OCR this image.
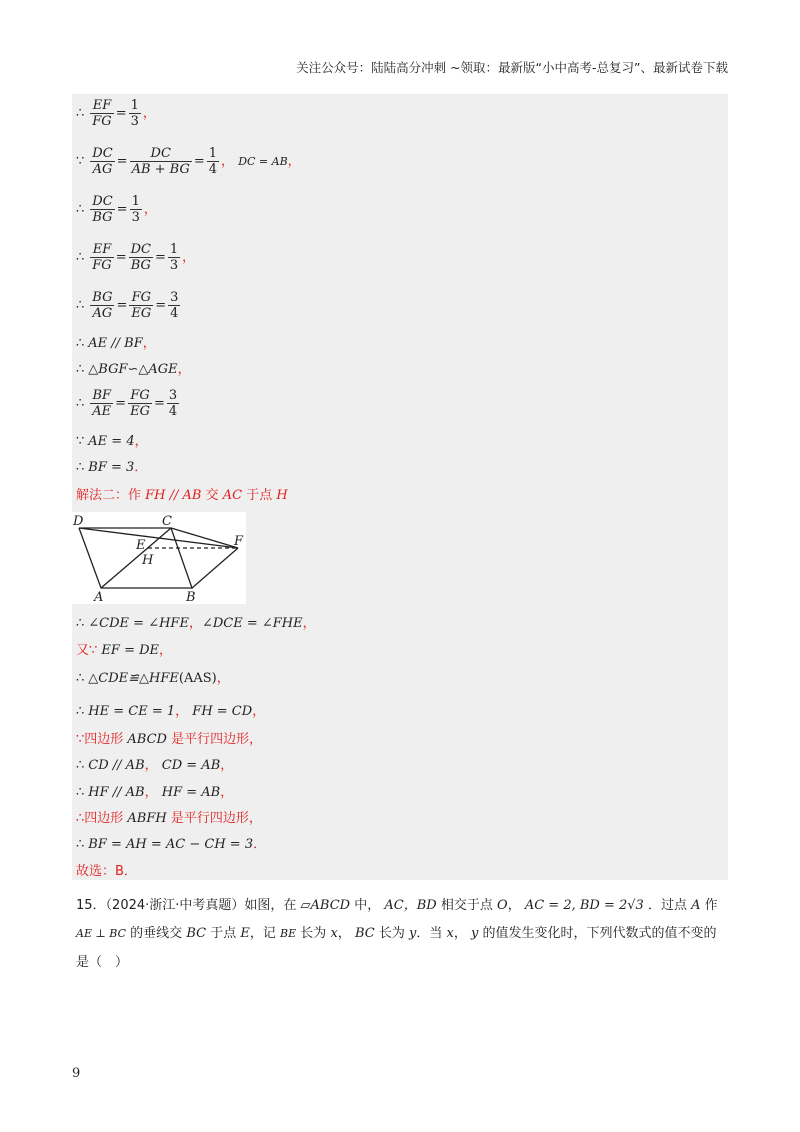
关注公众号：陆陆高分冲刺 ~领取：最新版“小中高考-总复习”、最新试卷下载
∴ $\frac{EF}{FG} = \frac{1}{3}$ ，
∵ $\frac{DC}{AG} = \frac{DC}{AB + BG} = \frac{1}{4}$ ， DC = AB，
∴ $\frac{DC}{BG} = \frac{1}{3}$ ，
∴ $\frac{EF}{FG} = \frac{DC}{BG} = \frac{1}{3}$ ，
∴ $\frac{BG}{AG} = \frac{FG}{EG} = \frac{3}{4}$
∴ AE // BF，
∴ △BGF∽△AGE，
∴ $\frac{BF}{AE} = \frac{FG}{EG} = \frac{3}{4}$
∵ AE = 4，
∴ BF = 3．
解法二：作 FH // AB 交 AC 于点 H
D	C
E	F
H
A	B
∴ ∠CDE = ∠HFE，∠DCE = ∠FHE，
又∵ EF = DE，
∴ △CDE≌△HFE(AAS)，
∴ HE = CE = 1， FH = CD，
∵四边形 ABCD 是平行四边形，
∴ CD // AB， CD = AB，
∴ HF // AB， HF = AB，
∴四边形 ABFH 是平行四边形，
∴ BF = AH = AC − CH = 3．
故选：B．
15．（2024·浙江·中考真题）如图，在 ▱ABCD 中， AC，BD 相交于点 O， AC = 2, BD = 2√3 ．过点 A 作
AE ⊥ BC 的垂线交 BC 于点 E，记 BE 长为 x， BC 长为 y．当 x， y 的值发生变化时，下列代数式的值不变的
是（　）
9
